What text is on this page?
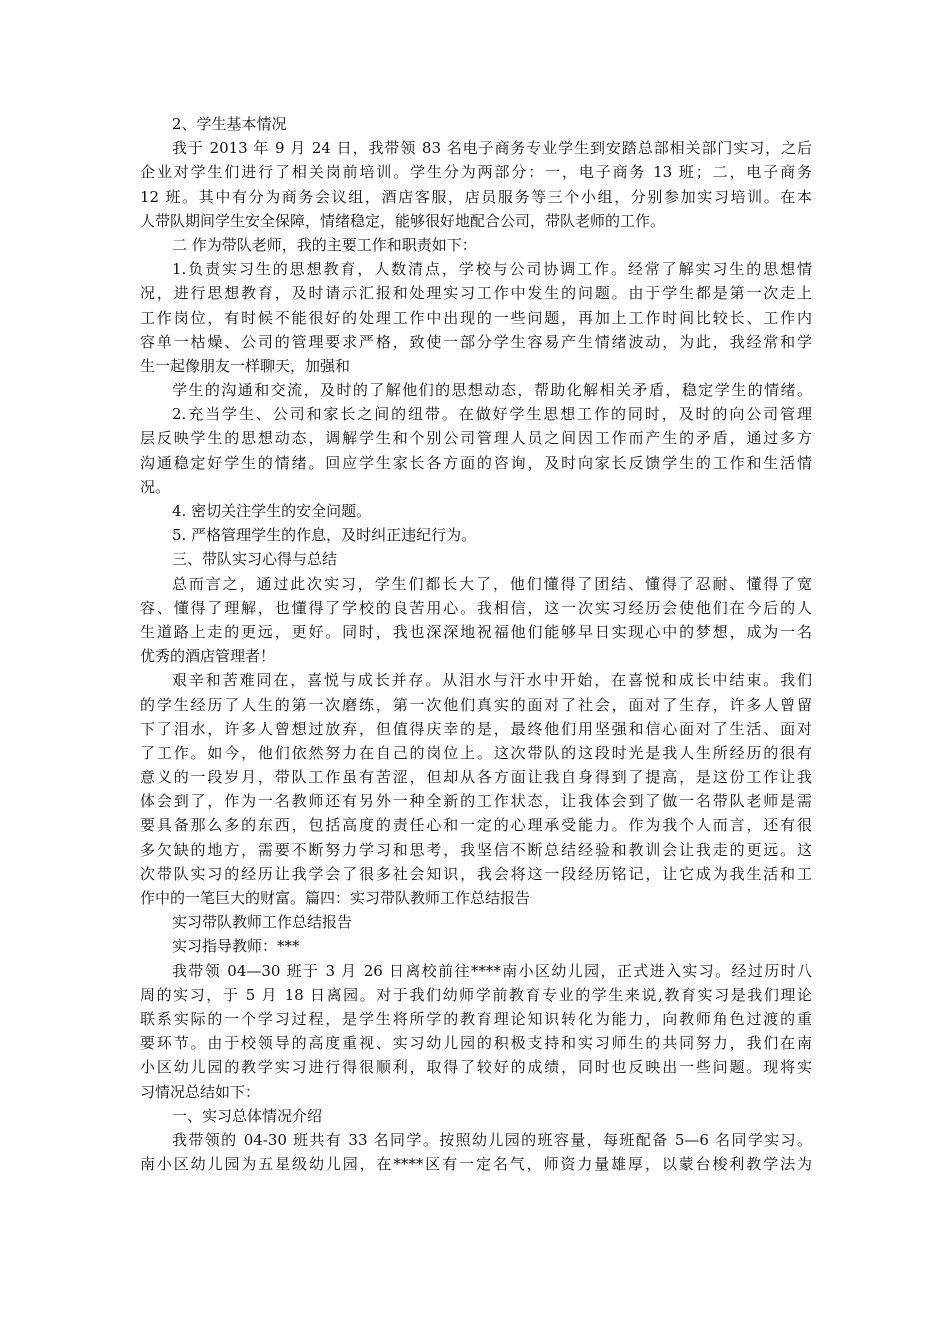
2、学生基本情况
我于 2013 年 9 月 24 日，我带领 83 名电子商务专业学生到安踏总部相关部门实习，之后
企业对学生们进行了相关岗前培训。学生分为两部分：一，电子商务 13 班；二，电子商务
12 班。其中有分为商务会议组，酒店客服，店员服务等三个小组，分别参加实习培训。在本
人带队期间学生安全保障，情绪稳定，能够很好地配合公司，带队老师的工作。
二 作为带队老师，我的主要工作和职责如下：
1.负责实习生的思想教育，人数清点，学校与公司协调工作。经常了解实习生的思想情
况，进行思想教育，及时请示汇报和处理实习工作中发生的问题。由于学生都是第一次走上
工作岗位，有时候不能很好的处理工作中出现的一些问题，再加上工作时间比较长、工作内
容单一枯燥、公司的管理要求严格，致使一部分学生容易产生情绪波动，为此，我经常和学
生一起像朋友一样聊天，加强和
学生的沟通和交流，及时的了解他们的思想动态，帮助化解相关矛盾，稳定学生的情绪。
2.充当学生、公司和家长之间的纽带。在做好学生思想工作的同时，及时的向公司管理
层反映学生的思想动态，调解学生和个别公司管理人员之间因工作而产生的矛盾，通过多方
沟通稳定好学生的情绪。回应学生家长各方面的咨询，及时向家长反馈学生的工作和生活情
况。
4. 密切关注学生的安全问题。
5. 严格管理学生的作息，及时纠正违纪行为。
三、带队实习心得与总结
总而言之，通过此次实习，学生们都长大了，他们懂得了团结、懂得了忍耐、懂得了宽
容、懂得了理解，也懂得了学校的良苦用心。我相信，这一次实习经历会使他们在今后的人
生道路上走的更远，更好。同时，我也深深地祝福他们能够早日实现心中的梦想，成为一名
优秀的酒店管理者！
艰辛和苦难同在，喜悦与成长并存。从泪水与汗水中开始，在喜悦和成长中结束。我们
的学生经历了人生的第一次磨练，第一次他们真实的面对了社会，面对了生存，许多人曾留
下了泪水，许多人曾想过放弃，但值得庆幸的是，最终他们用坚强和信心面对了生活、面对
了工作。如今，他们依然努力在自己的岗位上。这次带队的这段时光是我人生所经历的很有
意义的一段岁月，带队工作虽有苦涩，但却从各方面让我自身得到了提高，是这份工作让我
体会到了，作为一名教师还有另外一种全新的工作状态，让我体会到了做一名带队老师是需
要具备那么多的东西，包括高度的责任心和一定的心理承受能力。作为我个人而言，还有很
多欠缺的地方，需要不断努力学习和思考，我坚信不断总结经验和教训会让我走的更远。这
次带队实习的经历让我学会了很多社会知识，我会将这一段经历铭记，让它成为我生活和工
作中的一笔巨大的财富。篇四：实习带队教师工作总结报告
实习带队教师工作总结报告
实习指导教师：***
我带领 04—30 班于 3 月 26 日离校前往****南小区幼儿园，正式进入实习。经过历时八
周的实习，于 5 月 18 日离园。对于我们幼师学前教育专业的学生来说,教育实习是我们理论
联系实际的一个学习过程，是学生将所学的教育理论知识转化为能力，向教师角色过渡的重
要环节。由于校领导的高度重视、实习幼儿园的积极支持和实习师生的共同努力，我们在南
小区幼儿园的教学实习进行得很顺利，取得了较好的成绩，同时也反映出一些问题。现将实
习情况总结如下：
一、实习总体情况介绍
我带领的 04-30 班共有 33 名同学。按照幼儿园的班容量，每班配备 5—6 名同学实习。
南小区幼儿园为五星级幼儿园，在****区有一定名气，师资力量雄厚，以蒙台梭利教学法为
